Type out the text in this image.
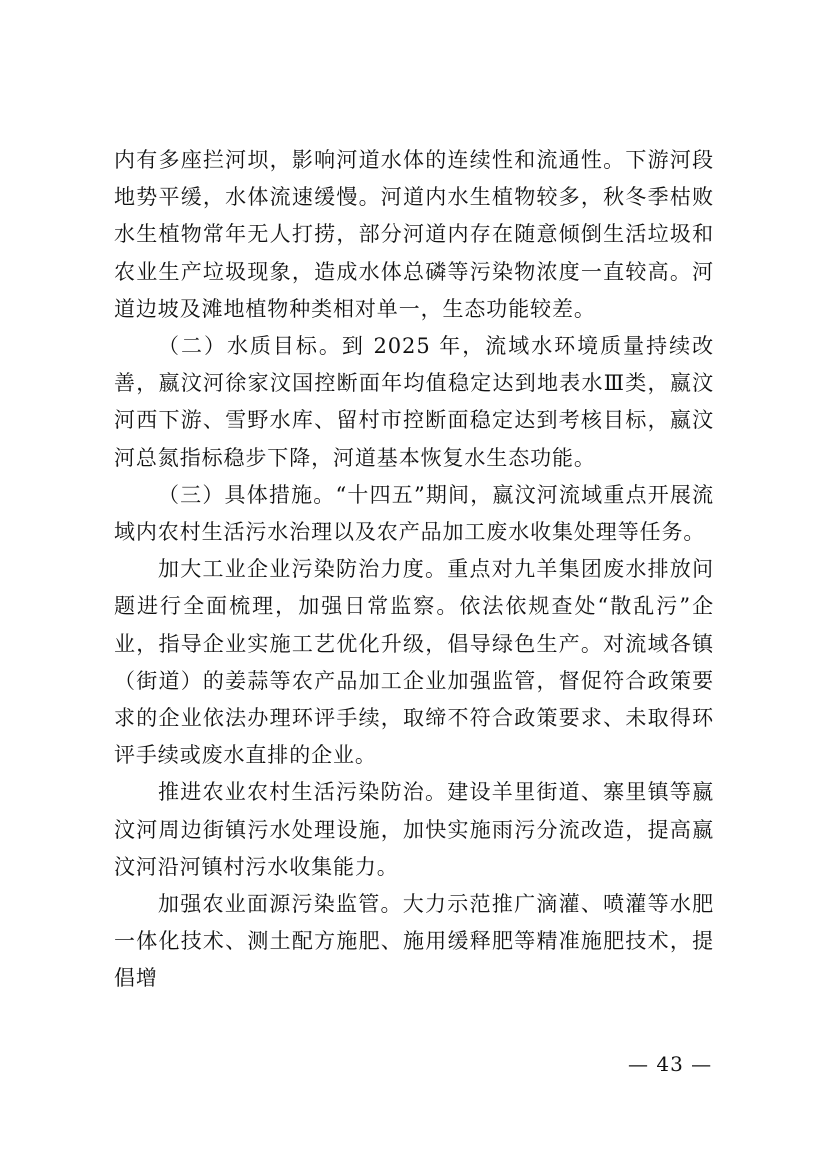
内有多座拦河坝，影响河道水体的连续性和流通性。下游河段地势平缓，水体流速缓慢。河道内水生植物较多，秋冬季枯败水生植物常年无人打捞，部分河道内存在随意倾倒生活垃圾和农业生产垃圾现象，造成水体总磷等污染物浓度一直较高。河道边坡及滩地植物种类相对单一，生态功能较差。

（二）水质目标。到 2025 年，流域水环境质量持续改善，嬴汶河徐家汶国控断面年均值稳定达到地表水Ⅲ类，嬴汶河西下游、雪野水库、留村市控断面稳定达到考核目标，嬴汶河总氮指标稳步下降，河道基本恢复水生态功能。

（三）具体措施。“十四五”期间，嬴汶河流域重点开展流域内农村生活污水治理以及农产品加工废水收集处理等任务。

加大工业企业污染防治力度。重点对九羊集团废水排放问题进行全面梳理，加强日常监察。依法依规查处“散乱污”企业，指导企业实施工艺优化升级，倡导绿色生产。对流域各镇（街道）的姜蒜等农产品加工企业加强监管，督促符合政策要求的企业依法办理环评手续，取缔不符合政策要求、未取得环评手续或废水直排的企业。

推进农业农村生活污染防治。建设羊里街道、寨里镇等嬴汶河周边街镇污水处理设施，加快实施雨污分流改造，提高嬴汶河沿河镇村污水收集能力。

加强农业面源污染监管。大力示范推广滴灌、喷灌等水肥一体化技术、测土配方施肥、施用缓释肥等精准施肥技术，提倡增

— 43 —
